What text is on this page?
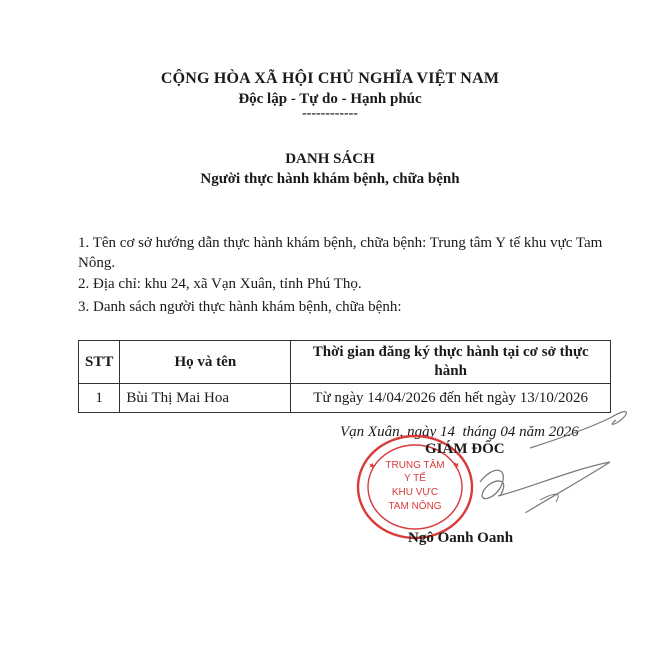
CỘNG HÒA XÃ HỘI CHỦ NGHĨA VIỆT NAM
Độc lập - Tự do - Hạnh phúc
------------
DANH SÁCH
Người thực hành khám bệnh, chữa bệnh
1. Tên cơ sở hướng dẫn thực hành khám bệnh, chữa bệnh: Trung tâm Y tế khu vực Tam Nông.
2. Địa chỉ: khu 24, xã Vạn Xuân, tỉnh Phú Thọ.
3. Danh sách người thực hành khám bệnh, chữa bệnh:
STT	Họ và tên	Thời gian đăng ký thực hành tại cơ sở thực hành
1	Bùi Thị Mai Hoa	Từ ngày 14/04/2026 đến hết ngày 13/10/2026
Vạn Xuân, ngày 14  tháng 04 năm 2026
★	★
TRUNG TÂM
Y TẾ
KHU VỰC
TAM NÔNG
GIÁM ĐỐC
Ngô Oanh Oanh
